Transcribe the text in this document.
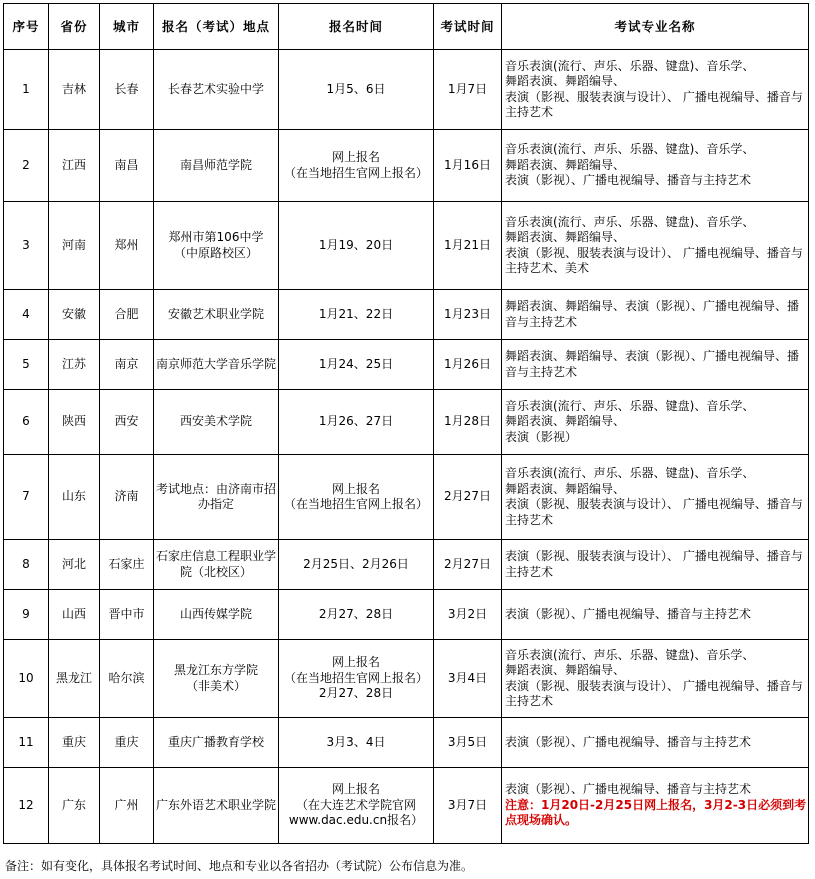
序号	省份	城市	报名（考试）地点	报名时间	考试时间	考试专业名称

1	吉林	长春	长春艺术实验中学	1月5、6日	1月7日	音乐表演(流行、声乐、乐器、键盘)、音乐学、
舞蹈表演、舞蹈编导、
表演（影视、服装表演与设计）、 广播电视编导、播音与主持艺术

2	江西	南昌	南昌师范学院	网上报名
（在当地招生官网上报名）	1月16日	音乐表演(流行、声乐、乐器、键盘)、音乐学、
舞蹈表演、舞蹈编导、
表演（影视）、广播电视编导、播音与主持艺术

3	河南	郑州	郑州市第106中学
（中原路校区）	1月19、20日	1月21日	音乐表演(流行、声乐、乐器、键盘)、音乐学、
舞蹈表演、舞蹈编导、
表演（影视、服装表演与设计）、 广播电视编导、播音与主持艺术、美术

4	安徽	合肥	安徽艺术职业学院	1月21、22日	1月23日	舞蹈表演、舞蹈编导、表演（影视）、广播电视编导、播音与主持艺术

5	江苏	南京	南京师范大学音乐学院	1月24、25日	1月26日	舞蹈表演、舞蹈编导、表演（影视）、广播电视编导、播音与主持艺术

6	陕西	西安	西安美术学院	1月26、27日	1月28日	音乐表演(流行、声乐、乐器、键盘)、音乐学、
舞蹈表演、舞蹈编导、
表演（影视）

7	山东	济南	考试地点：由济南市招办指定	网上报名
（在当地招生官网上报名）	2月27日	音乐表演(流行、声乐、乐器、键盘)、音乐学、
舞蹈表演、舞蹈编导、
表演（影视、服装表演与设计）、 广播电视编导、播音与主持艺术

8	河北	石家庄	石家庄信息工程职业学院（北校区）	2月25日、2月26日	2月27日	表演（影视、服装表演与设计）、 广播电视编导、播音与主持艺术

9	山西	晋中市	山西传媒学院	2月27、28日	3月2日	表演（影视）、广播电视编导、播音与主持艺术

10	黑龙江	哈尔滨	黑龙江东方学院
（非美术）	网上报名
（在当地招生官网上报名）
2月27、28日	3月4日	音乐表演(流行、声乐、乐器、键盘)、音乐学、
舞蹈表演、舞蹈编导、
表演（影视、服装表演与设计）、 广播电视编导、播音与主持艺术

11	重庆	重庆	重庆广播教育学校	3月3、4日	3月5日	表演（影视）、广播电视编导、播音与主持艺术

12	广东	广州	广东外语艺术职业学院	网上报名
（在大连艺术学院官网
www.dac.edu.cn报名）	3月7日	表演（影视）、广播电视编导、播音与主持艺术
注意：1月20日-2月25日网上报名，3月2-3日必须到考点现场确认。
备注：如有变化，具体报名考试时间、地点和专业以各省招办（考试院）公布信息为准。
